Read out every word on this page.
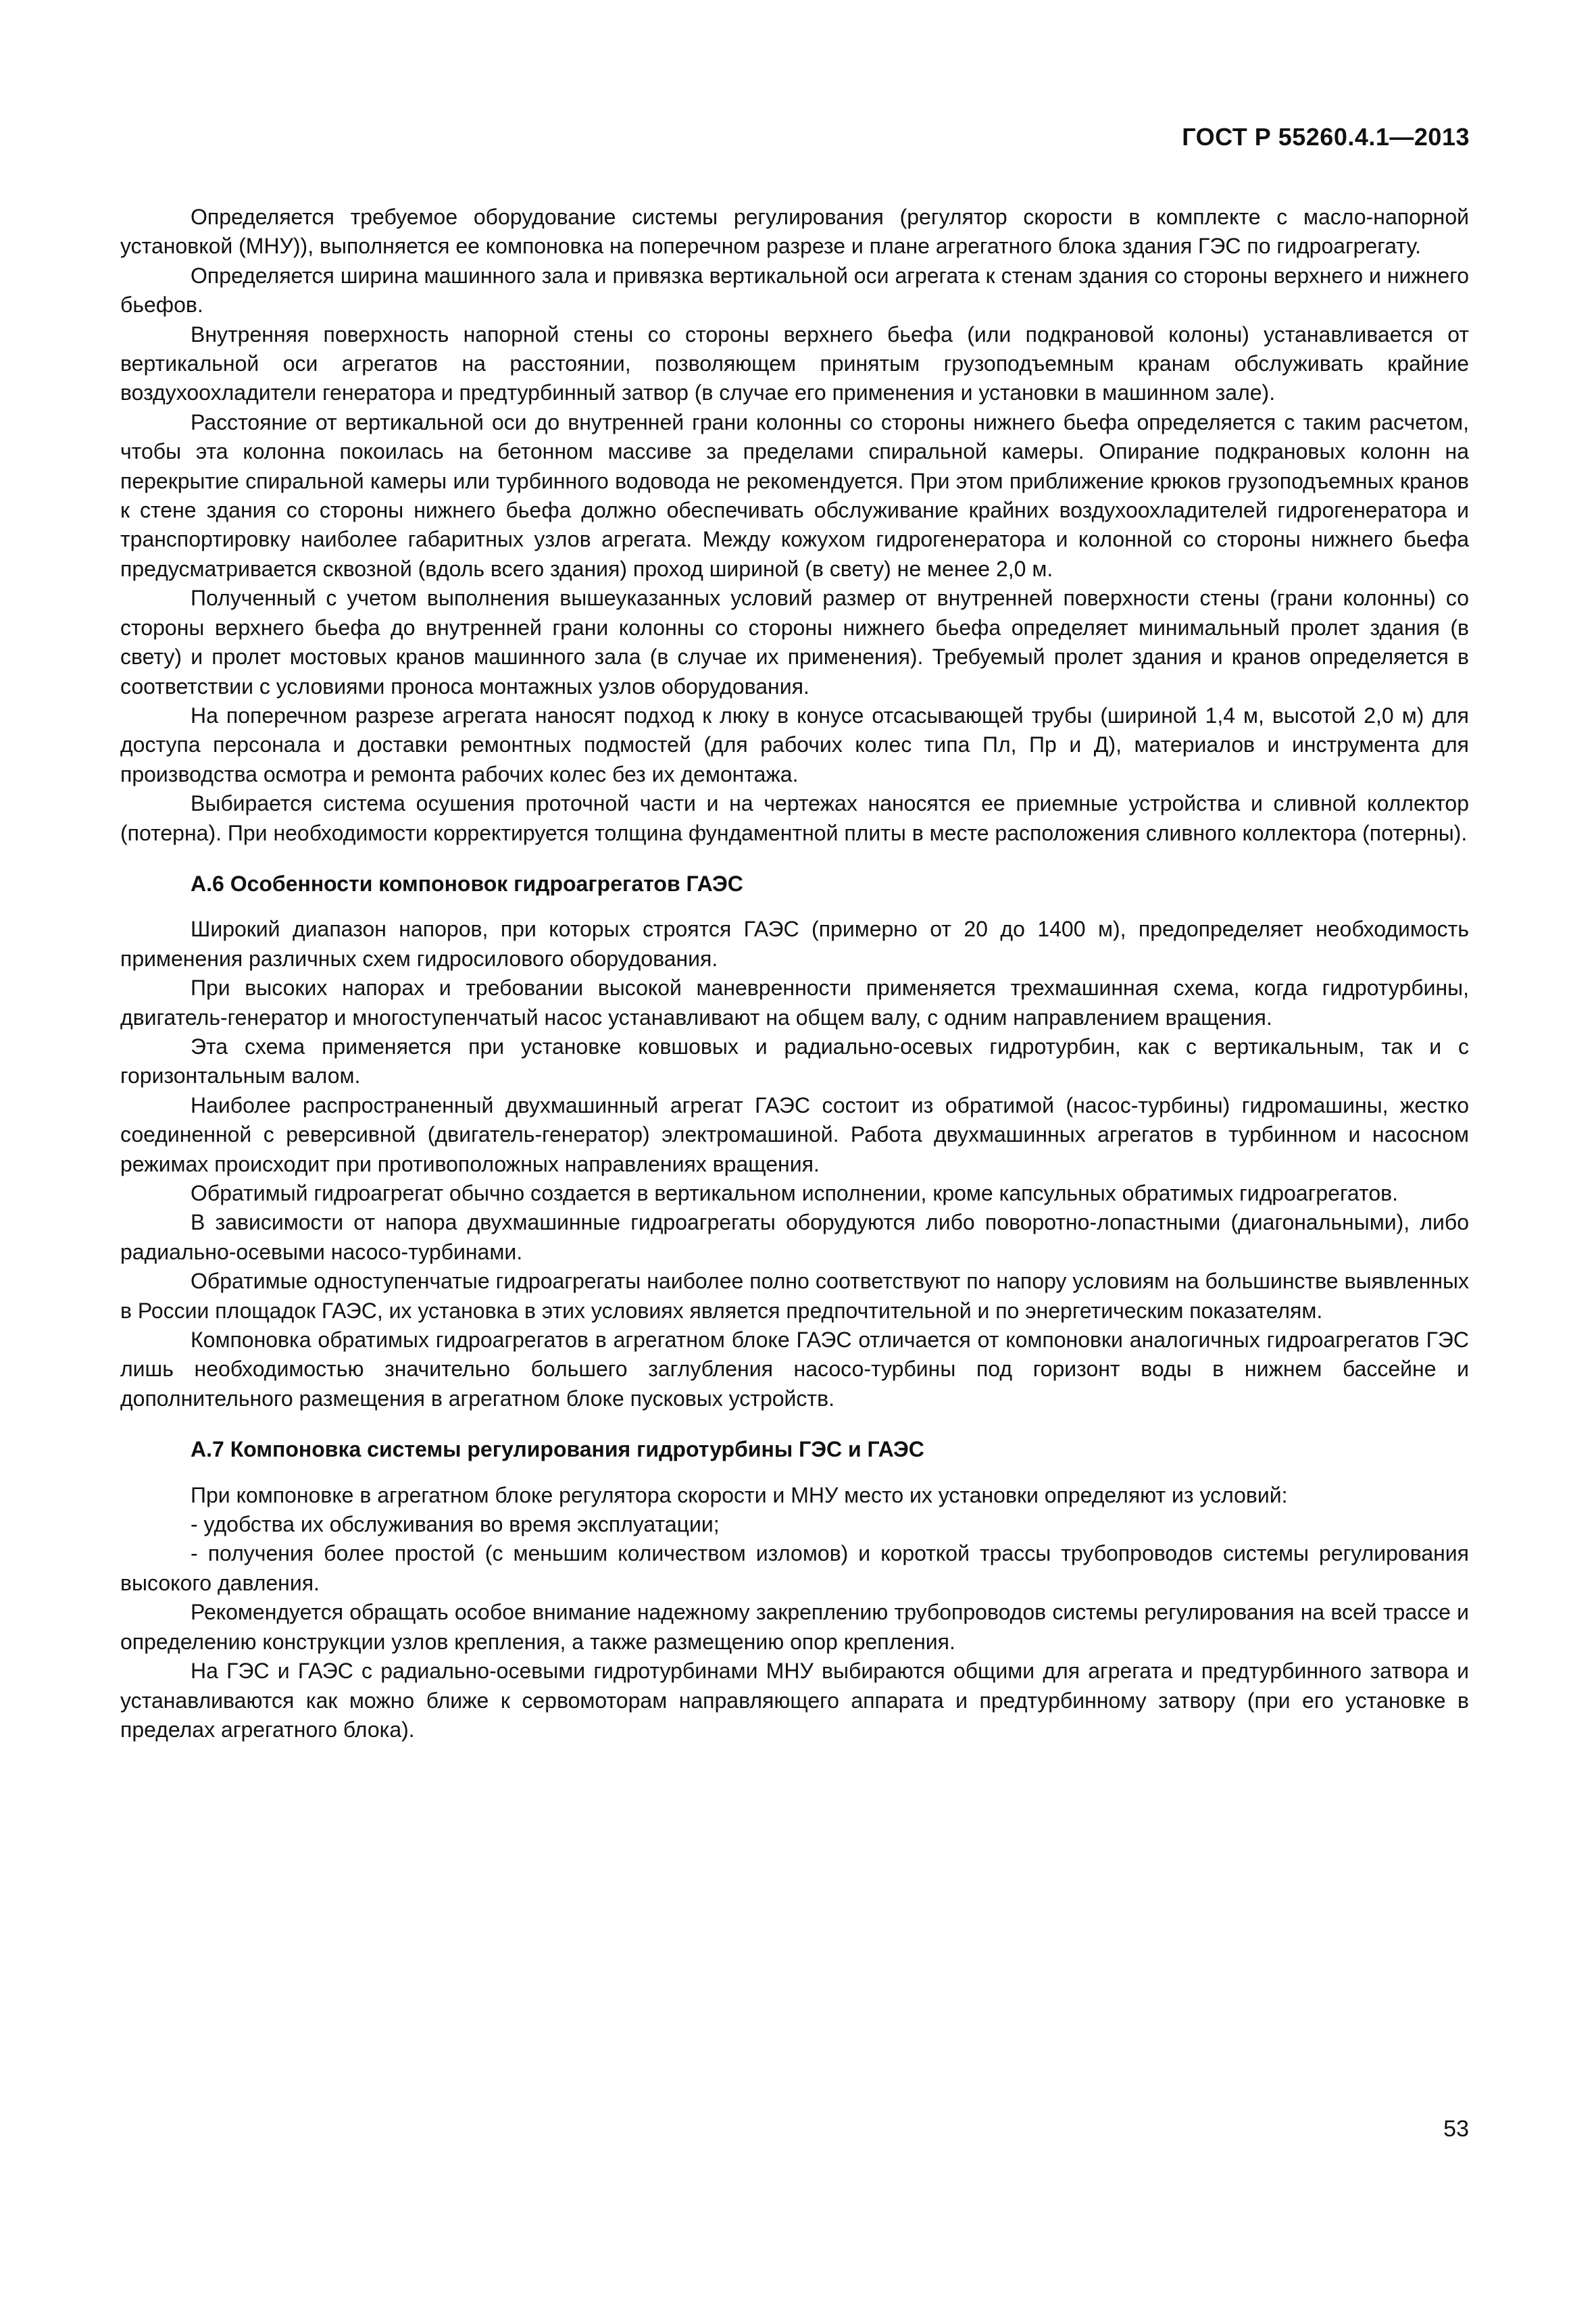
ГОСТ Р 55260.4.1—2013

Определяется требуемое оборудование системы регулирования (регулятор скорости в комплекте с масло-напорной установкой (МНУ)), выполняется ее компоновка на поперечном разрезе и плане агрегатного блока здания ГЭС по гидроагрегату.

Определяется ширина машинного зала и привязка вертикальной оси агрегата к стенам здания со стороны верхнего и нижнего бьефов.

Внутренняя поверхность напорной стены со стороны верхнего бьефа (или подкрановой колоны) устанавливается от вертикальной оси агрегатов на расстоянии, позволяющем принятым грузоподъемным кранам обслуживать крайние воздухоохладители генератора и предтурбинный затвор (в случае его применения и установки в машинном зале).

Расстояние от вертикальной оси до внутренней грани колонны со стороны нижнего бьефа определяется с таким расчетом, чтобы эта колонна покоилась на бетонном массиве за пределами спиральной камеры. Опирание подкрановых колонн на перекрытие спиральной камеры или турбинного водовода не рекомендуется. При этом приближение крюков грузоподъемных кранов к стене здания со стороны нижнего бьефа должно обеспечивать обслуживание крайних воздухоохладителей гидрогенератора и транспортировку наиболее габаритных узлов агрегата. Между кожухом гидрогенератора и колонной со стороны нижнего бьефа предусматривается сквозной (вдоль всего здания) проход шириной (в свету) не менее 2,0 м.

Полученный с учетом выполнения вышеуказанных условий размер от внутренней поверхности стены (грани колонны) со стороны верхнего бьефа до внутренней грани колонны со стороны нижнего бьефа определяет минимальный пролет здания (в свету) и пролет мостовых кранов машинного зала (в случае их применения). Требуемый пролет здания и кранов определяется в соответствии с условиями проноса монтажных узлов оборудования.

На поперечном разрезе агрегата наносят подход к люку в конусе отсасывающей трубы (шириной 1,4 м, высотой 2,0 м) для доступа персонала и доставки ремонтных подмостей (для рабочих колес типа Пл, Пр и Д), материалов и инструмента для производства осмотра и ремонта рабочих колес без их демонтажа.

Выбирается система осушения проточной части и на чертежах наносятся ее приемные устройства и сливной коллектор (потерна). При необходимости корректируется толщина фундаментной плиты в месте расположения сливного коллектора (потерны).

А.6 Особенности компоновок гидроагрегатов ГАЭС

Широкий диапазон напоров, при которых строятся ГАЭС (примерно от 20 до 1400 м), предопределяет необходимость применения различных схем гидросилового оборудования.

При высоких напорах и требовании высокой маневренности применяется трехмашинная схема, когда гидротурбины, двигатель-генератор и многоступенчатый насос устанавливают на общем валу, с одним направлением вращения.

Эта схема применяется при установке ковшовых и радиально-осевых гидротурбин, как с вертикальным, так и с горизонтальным валом.

Наиболее распространенный двухмашинный агрегат ГАЭС состоит из обратимой (насос-турбины) гидромашины, жестко соединенной с реверсивной (двигатель-генератор) электромашиной. Работа двухмашинных агрегатов в турбинном и насосном режимах происходит при противоположных направлениях вращения.

Обратимый гидроагрегат обычно создается в вертикальном исполнении, кроме капсульных обратимых гидроагрегатов.

В зависимости от напора двухмашинные гидроагрегаты оборудуются либо поворотно-лопастными (диагональными), либо радиально-осевыми насосо-турбинами.

Обратимые одноступенчатые гидроагрегаты наиболее полно соответствуют по напору условиям на большинстве выявленных в России площадок ГАЭС, их установка в этих условиях является предпочтительной и по энергетическим показателям.

Компоновка обратимых гидроагрегатов в агрегатном блоке ГАЭС отличается от компоновки аналогичных гидроагрегатов ГЭС лишь необходимостью значительно большего заглубления насосо-турбины под горизонт воды в нижнем бассейне и дополнительного размещения в агрегатном блоке пусковых устройств.

А.7 Компоновка системы регулирования гидротурбины ГЭС и ГАЭС

При компоновке в агрегатном блоке регулятора скорости и МНУ место их установки определяют из условий:

- удобства их обслуживания во время эксплуатации;

- получения более простой (с меньшим количеством изломов) и короткой трассы трубопроводов системы регулирования высокого давления.

Рекомендуется обращать особое внимание надежному закреплению трубопроводов системы регулирования на всей трассе и определению конструкции узлов крепления, а также размещению опор крепления.

На ГЭС и ГАЭС с радиально-осевыми гидротурбинами МНУ выбираются общими для агрегата и предтурбинного затвора и устанавливаются как можно ближе к сервомоторам направляющего аппарата и предтурбинному затвору (при его установке в пределах агрегатного блока).

53
